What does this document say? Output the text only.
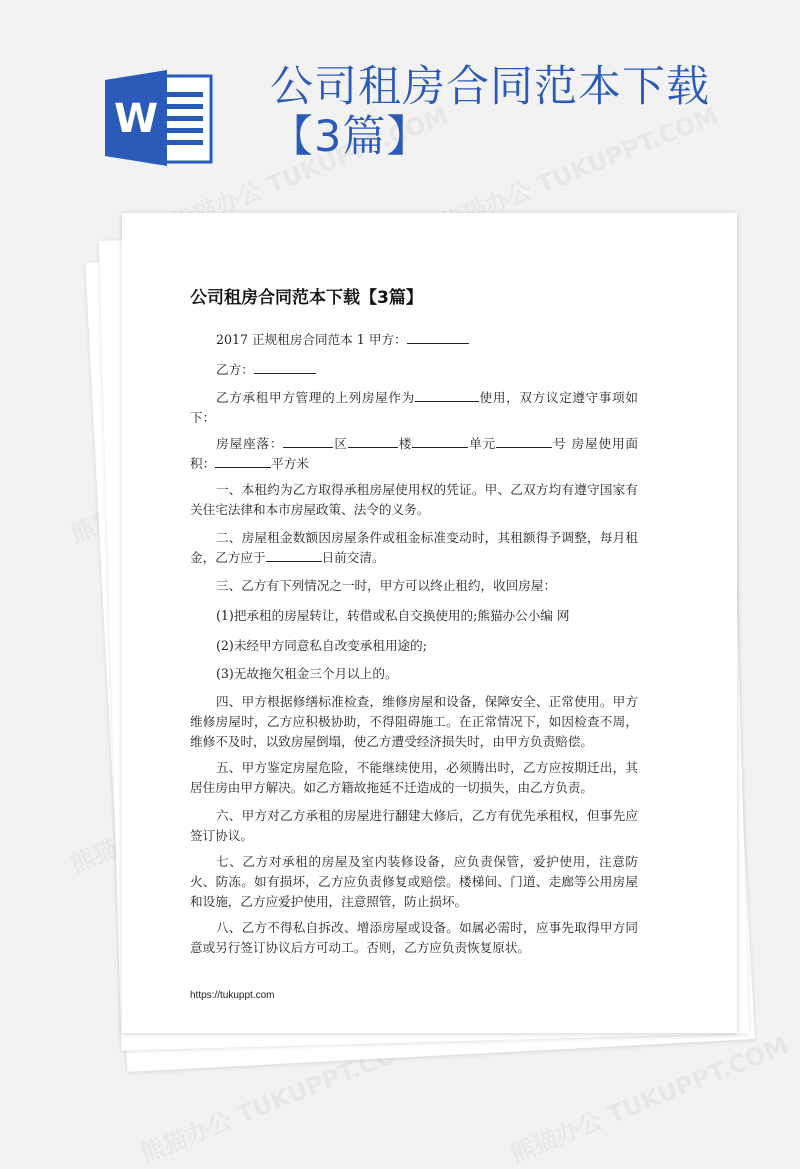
W
公司租房合同范本下载【3篇】
公司租房合同范本下载【3篇】

2017 正规租房合同范本 1 甲方：

乙方：

乙方承租甲方管理的上列房屋作为	使用，双方议定遵守事项如下：

房屋座落：	区	楼	单元	号 房屋使用面积：	平方米

一、本租约为乙方取得承租房屋使用权的凭证。甲、乙双方均有遵守国家有关住宅法律和本市房屋政策、法令的义务。

二、房屋租金数额因房屋条件或租金标准变动时，其租额得予调整，每月租金，乙方应于	日前交清。

三、乙方有下列情况之一时，甲方可以终止租约，收回房屋：

(1)把承租的房屋转让，转借或私自交换使用的;熊猫办公小编 网

(2)未经甲方同意私自改变承租用途的;

(3)无故拖欠租金三个月以上的。

四、甲方根据修缮标准检查，维修房屋和设备，保障安全、正常使用。甲方维修房屋时，乙方应积极协助，不得阻碍施工。在正常情况下，如因检查不周，维修不及时，以致房屋倒塌，使乙方遭受经济损失时，由甲方负责赔偿。

五、甲方鉴定房屋危险，不能继续使用，必须腾出时，乙方应按期迁出，其居住房由甲方解决。如乙方籍故拖延不迁造成的一切损失，由乙方负责。

六、甲方对乙方承租的房屋进行翻建大修后，乙方有优先承租权，但事先应签订协议。

七、乙方对承租的房屋及室内装修设备，应负责保管，爱护使用，注意防火、防冻。如有损坏，乙方应负责修复或赔偿。楼梯间、门道、走廊等公用房屋和设施，乙方应爱护使用，注意照管，防止损坏。

八、乙方不得私自拆改、增添房屋或设备。如属必需时，应事先取得甲方同意或另行签订协议后方可动工。否则，乙方应负责恢复原状。

https://tukuppt.com
